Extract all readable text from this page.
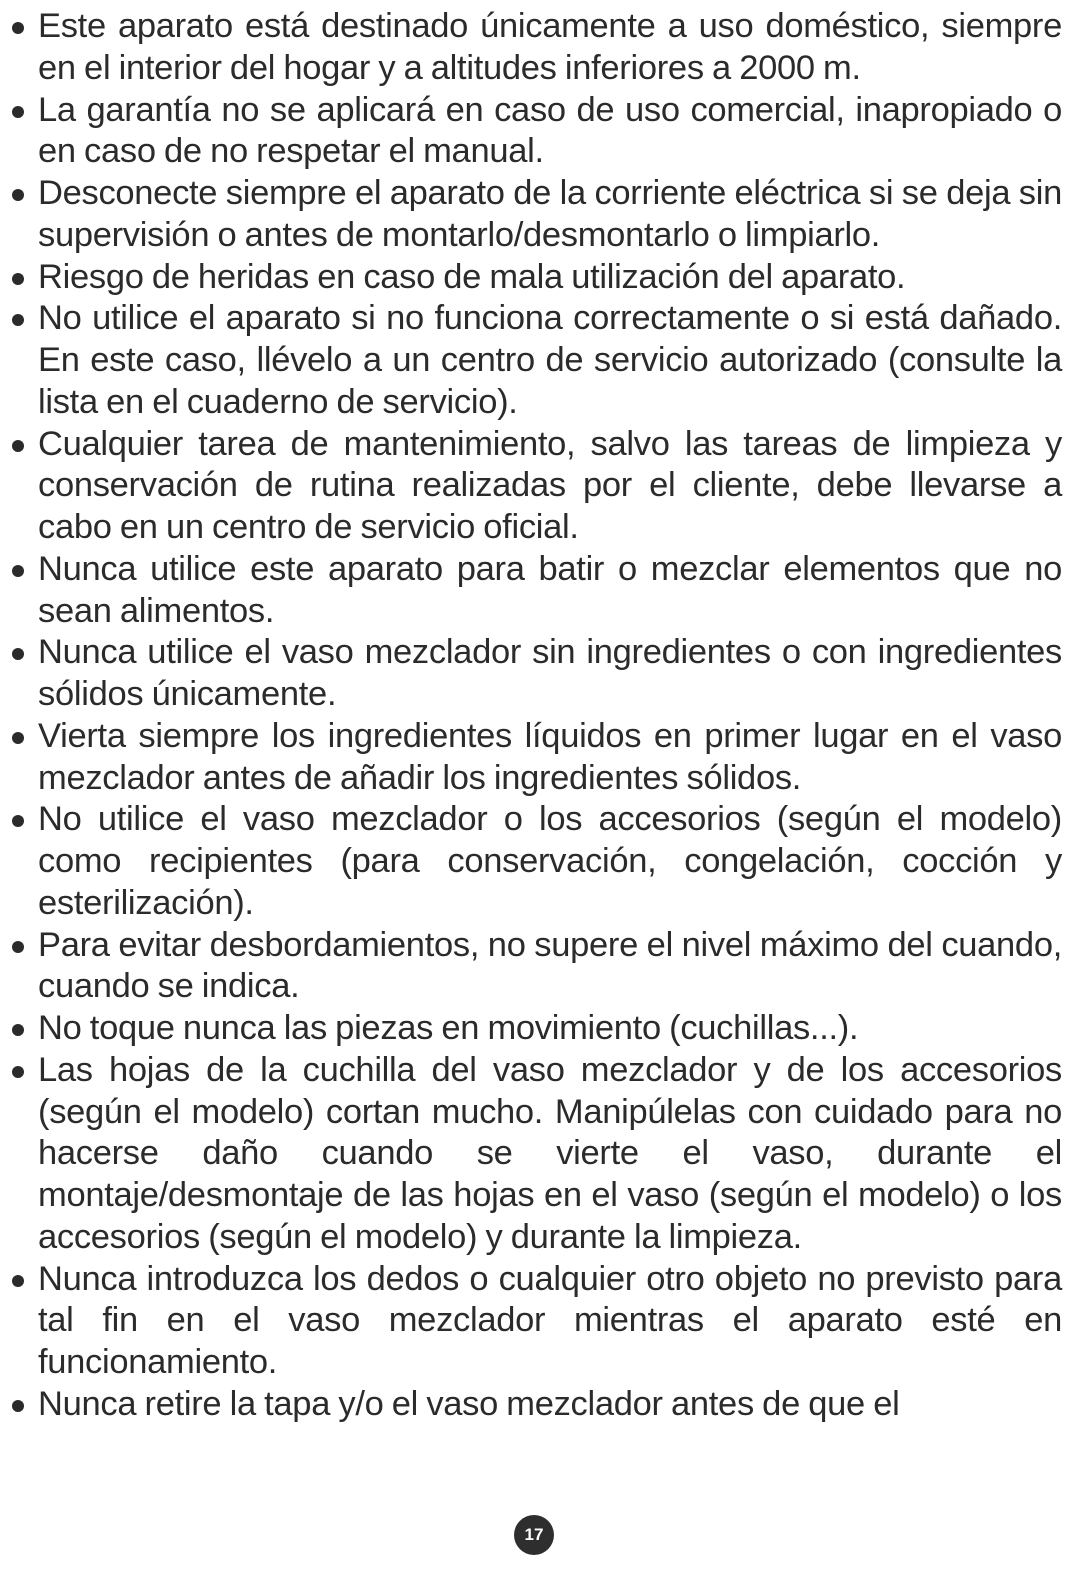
Este aparato está destinado únicamente a uso doméstico, siempre en el interior del hogar y a altitudes inferiores a 2000 m.
La garantía no se aplicará en caso de uso comercial, inapropiado o en caso de no respetar el manual.
Desconecte siempre el aparato de la corriente eléctrica si se deja sin supervisión o antes de montarlo/desmontarlo o limpiarlo.
Riesgo de heridas en caso de mala utilización del aparato.
No utilice el aparato si no funciona correctamente o si está dañado. En este caso, llévelo a un centro de servicio autorizado (consulte la lista en el cuaderno de servicio).
Cualquier tarea de mantenimiento, salvo las tareas de limpieza y conservación de rutina realizadas por el cliente, debe llevarse a cabo en un centro de servicio oficial.
Nunca utilice este aparato para batir o mezclar elementos que no sean alimentos.
Nunca utilice el vaso mezclador sin ingredientes o con ingredientes sólidos únicamente.
Vierta siempre los ingredientes líquidos en primer lugar en el vaso mezclador antes de añadir los ingredientes sólidos.
No utilice el vaso mezclador o los accesorios (según el modelo) como recipientes (para conservación, congelación, cocción y esterilización).
Para evitar desbordamientos, no supere el nivel máximo del cuando, cuando se indica.
No toque nunca las piezas en movimiento (cuchillas...).
Las hojas de la cuchilla del vaso mezclador y de los accesorios (según el modelo) cortan mucho. Manipúlelas con cuidado para no hacerse daño cuando se vierte el vaso, durante el montaje/desmontaje de las hojas en el vaso (según el modelo) o los accesorios (según el modelo) y durante la limpieza.
Nunca introduzca los dedos o cualquier otro objeto no previsto para tal fin en el vaso mezclador mientras el aparato esté en funcionamiento.
Nunca retire la tapa y/o el vaso mezclador antes de que el
17
